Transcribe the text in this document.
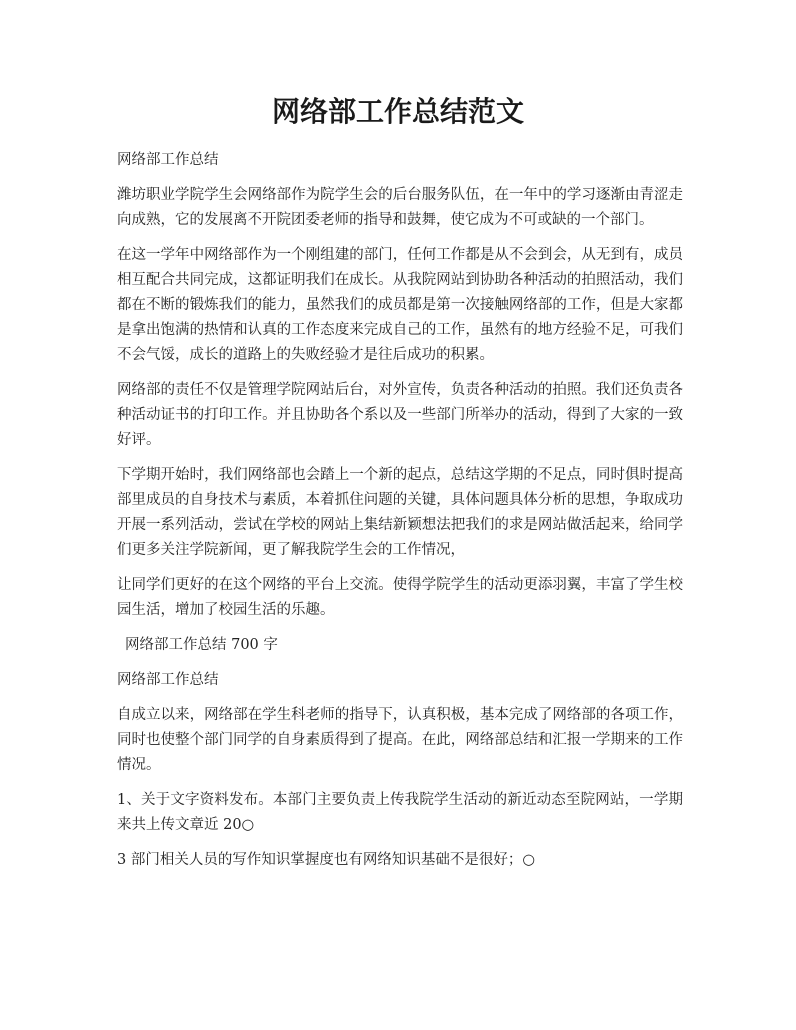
网络部工作总结范文

网络部工作总结

潍坊职业学院学生会网络部作为院学生会的后台服务队伍，在一年中的学习逐渐由青涩走向成熟，它的发展离不开院团委老师的指导和鼓舞，使它成为不可或缺的一个部门。

在这一学年中网络部作为一个刚组建的部门，任何工作都是从不会到会，从无到有，成员相互配合共同完成，这都证明我们在成长。从我院网站到协助各种活动的拍照活动，我们都在不断的锻炼我们的能力，虽然我们的成员都是第一次接触网络部的工作，但是大家都是拿出饱满的热情和认真的工作态度来完成自己的工作，虽然有的地方经验不足，可我们不会气馁，成长的道路上的失败经验才是往后成功的积累。

网络部的责任不仅是管理学院网站后台，对外宣传，负责各种活动的拍照。我们还负责各种活动证书的打印工作。并且协助各个系以及一些部门所举办的活动，得到了大家的一致好评。

下学期开始时，我们网络部也会踏上一个新的起点，总结这学期的不足点，同时俱时提高部里成员的自身技术与素质，本着抓住问题的关键，具体问题具体分析的思想，争取成功开展一系列活动，尝试在学校的网站上集结新颖想法把我们的求是网站做活起来，给同学们更多关注学院新闻，更了解我院学生会的工作情况，

让同学们更好的在这个网络的平台上交流。使得学院学生的活动更添羽翼，丰富了学生校园生活，增加了校园生活的乐趣。

网络部工作总结 700 字

网络部工作总结

自成立以来，网络部在学生科老师的指导下，认真积极，基本完成了网络部的各项工作，同时也使整个部门同学的自身素质得到了提高。在此，网络部总结和汇报一学期来的工作情况。

1、关于文字资料发布。本部门主要负责上传我院学生活动的新近动态至院网站，一学期来共上传文章近 20○

3 部门相关人员的写作知识掌握度也有网络知识基础不是很好；○
